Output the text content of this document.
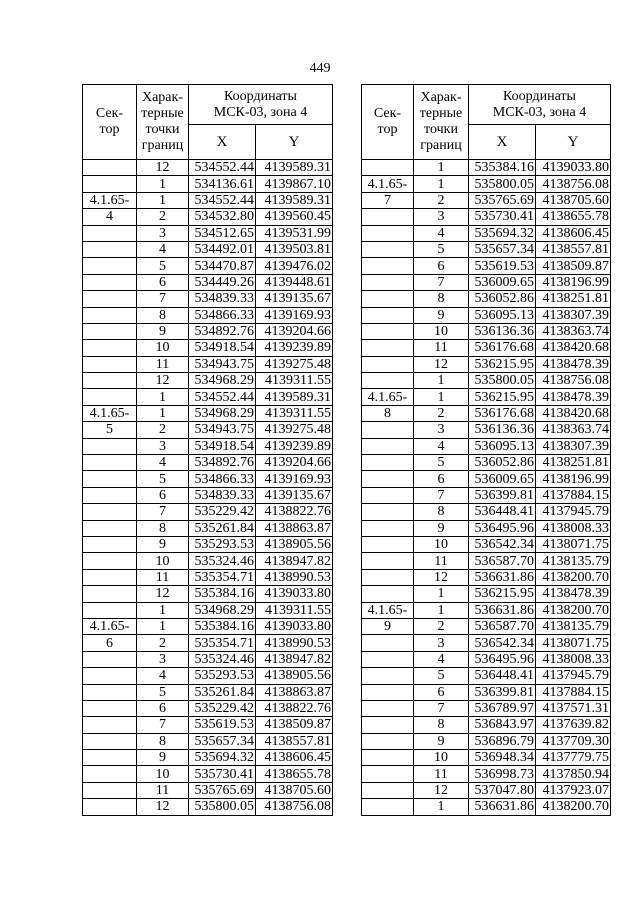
449
Сек-
тор	Харак-
терные
точки
границ	Координаты
МСК-03, зона 4	
		X	Y
	12	534552.44	4139589.31
	1	534136.61	4139867.10
4.1.65-	1	534552.44	4139589.31
4	2	534532.80	4139560.45
	3	534512.65	4139531.99
	4	534492.01	4139503.81
	5	534470.87	4139476.02
	6	534449.26	4139448.61
	7	534839.33	4139135.67
	8	534866.33	4139169.93
	9	534892.76	4139204.66
	10	534918.54	4139239.89
	11	534943.75	4139275.48
	12	534968.29	4139311.55
	1	534552.44	4139589.31
4.1.65-	1	534968.29	4139311.55
5	2	534943.75	4139275.48
	3	534918.54	4139239.89
	4	534892.76	4139204.66
	5	534866.33	4139169.93
	6	534839.33	4139135.67
	7	535229.42	4138822.76
	8	535261.84	4138863.87
	9	535293.53	4138905.56
	10	535324.46	4138947.82
	11	535354.71	4138990.53
	12	535384.16	4139033.80
	1	534968.29	4139311.55
4.1.65-	1	535384.16	4139033.80
6	2	535354.71	4138990.53
	3	535324.46	4138947.82
	4	535293.53	4138905.56
	5	535261.84	4138863.87
	6	535229.42	4138822.76
	7	535619.53	4138509.87
	8	535657.34	4138557.81
	9	535694.32	4138606.45
	10	535730.41	4138655.78
	11	535765.69	4138705.60
	12	535800.05	4138756.08
Сек-
тор	Харак-
терные
точки
границ	Координаты
МСК-03, зона 4	
		X	Y
	1	535384.16	4139033.80
4.1.65-	1	535800.05	4138756.08
7	2	535765.69	4138705.60
	3	535730.41	4138655.78
	4	535694.32	4138606.45
	5	535657.34	4138557.81
	6	535619.53	4138509.87
	7	536009.65	4138196.99
	8	536052.86	4138251.81
	9	536095.13	4138307.39
	10	536136.36	4138363.74
	11	536176.68	4138420.68
	12	536215.95	4138478.39
	1	535800.05	4138756.08
4.1.65-	1	536215.95	4138478.39
8	2	536176.68	4138420.68
	3	536136.36	4138363.74
	4	536095.13	4138307.39
	5	536052.86	4138251.81
	6	536009.65	4138196.99
	7	536399.81	4137884.15
	8	536448.41	4137945.79
	9	536495.96	4138008.33
	10	536542.34	4138071.75
	11	536587.70	4138135.79
	12	536631.86	4138200.70
	1	536215.95	4138478.39
4.1.65-	1	536631.86	4138200.70
9	2	536587.70	4138135.79
	3	536542.34	4138071.75
	4	536495.96	4138008.33
	5	536448.41	4137945.79
	6	536399.81	4137884.15
	7	536789.97	4137571.31
	8	536843.97	4137639.82
	9	536896.79	4137709.30
	10	536948.34	4137779.75
	11	536998.73	4137850.94
	12	537047.80	4137923.07
	1	536631.86	4138200.70
